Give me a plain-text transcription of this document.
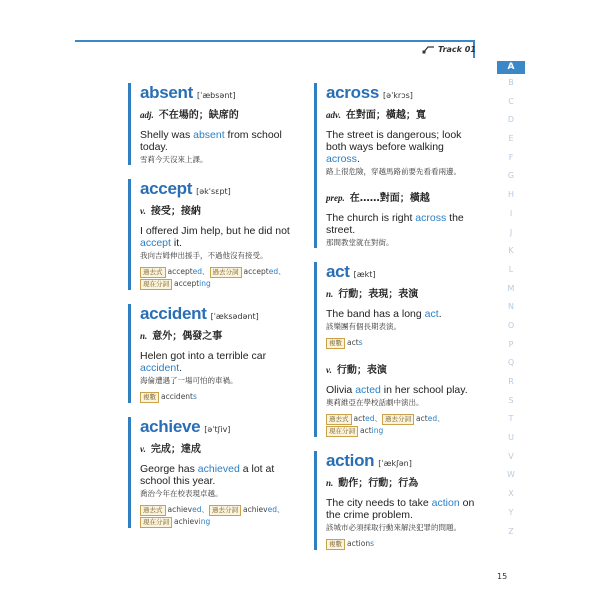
Track 01
absent [ˈæbsənt]
adj. 不在場的；缺席的
Shelly was absent from school today.
雪莉今天沒來上課。
accept [əkˈsɛpt]
v. 接受；接納
I offered Jim help, but he did not accept it.
我向吉姆伸出援手，不過他沒有接受。
過去式 accepted、 過去分詞 accepted、現在分詞 accepting
accident [ˈæksədənt]
n. 意外；偶發之事
Helen got into a terrible car accident.
海倫遭遇了一場可怕的車禍。
複數 accidents
achieve [əˈtʃiv]
v. 完成；達成
George has achieved a lot at school this year.
喬治今年在校表現卓越。
過去式 achieved、 過去分詞 achieved、現在分詞 achieving
across [əˈkrɔs]
adv. 在對面；橫越；寬
The street is dangerous; look both ways before walking across.
路上很危險，穿越馬路前要先看看兩邊。
prep. 在……對面；橫越
The church is right across the street.
那間教堂就在對街。
act [ækt]
n. 行動；表現；表演
The band has a long act.
該樂團有個長期表演。
複數 acts
v. 行動；表演
Olivia acted in her school play.
奧莉維亞在學校話劇中演出。
過去式 acted、 過去分詞 acted、現在分詞 acting
action [ˈækʃən]
n. 動作；行動；行為
The city needs to take action on the crime problem.
該城市必須採取行動來解決犯罪的問題。
複數 actions
A
B
C
D
E
F
G
H
I
J
K
L
M
N
O
P
Q
R
S
T
U
V
W
X
Y
Z
15
